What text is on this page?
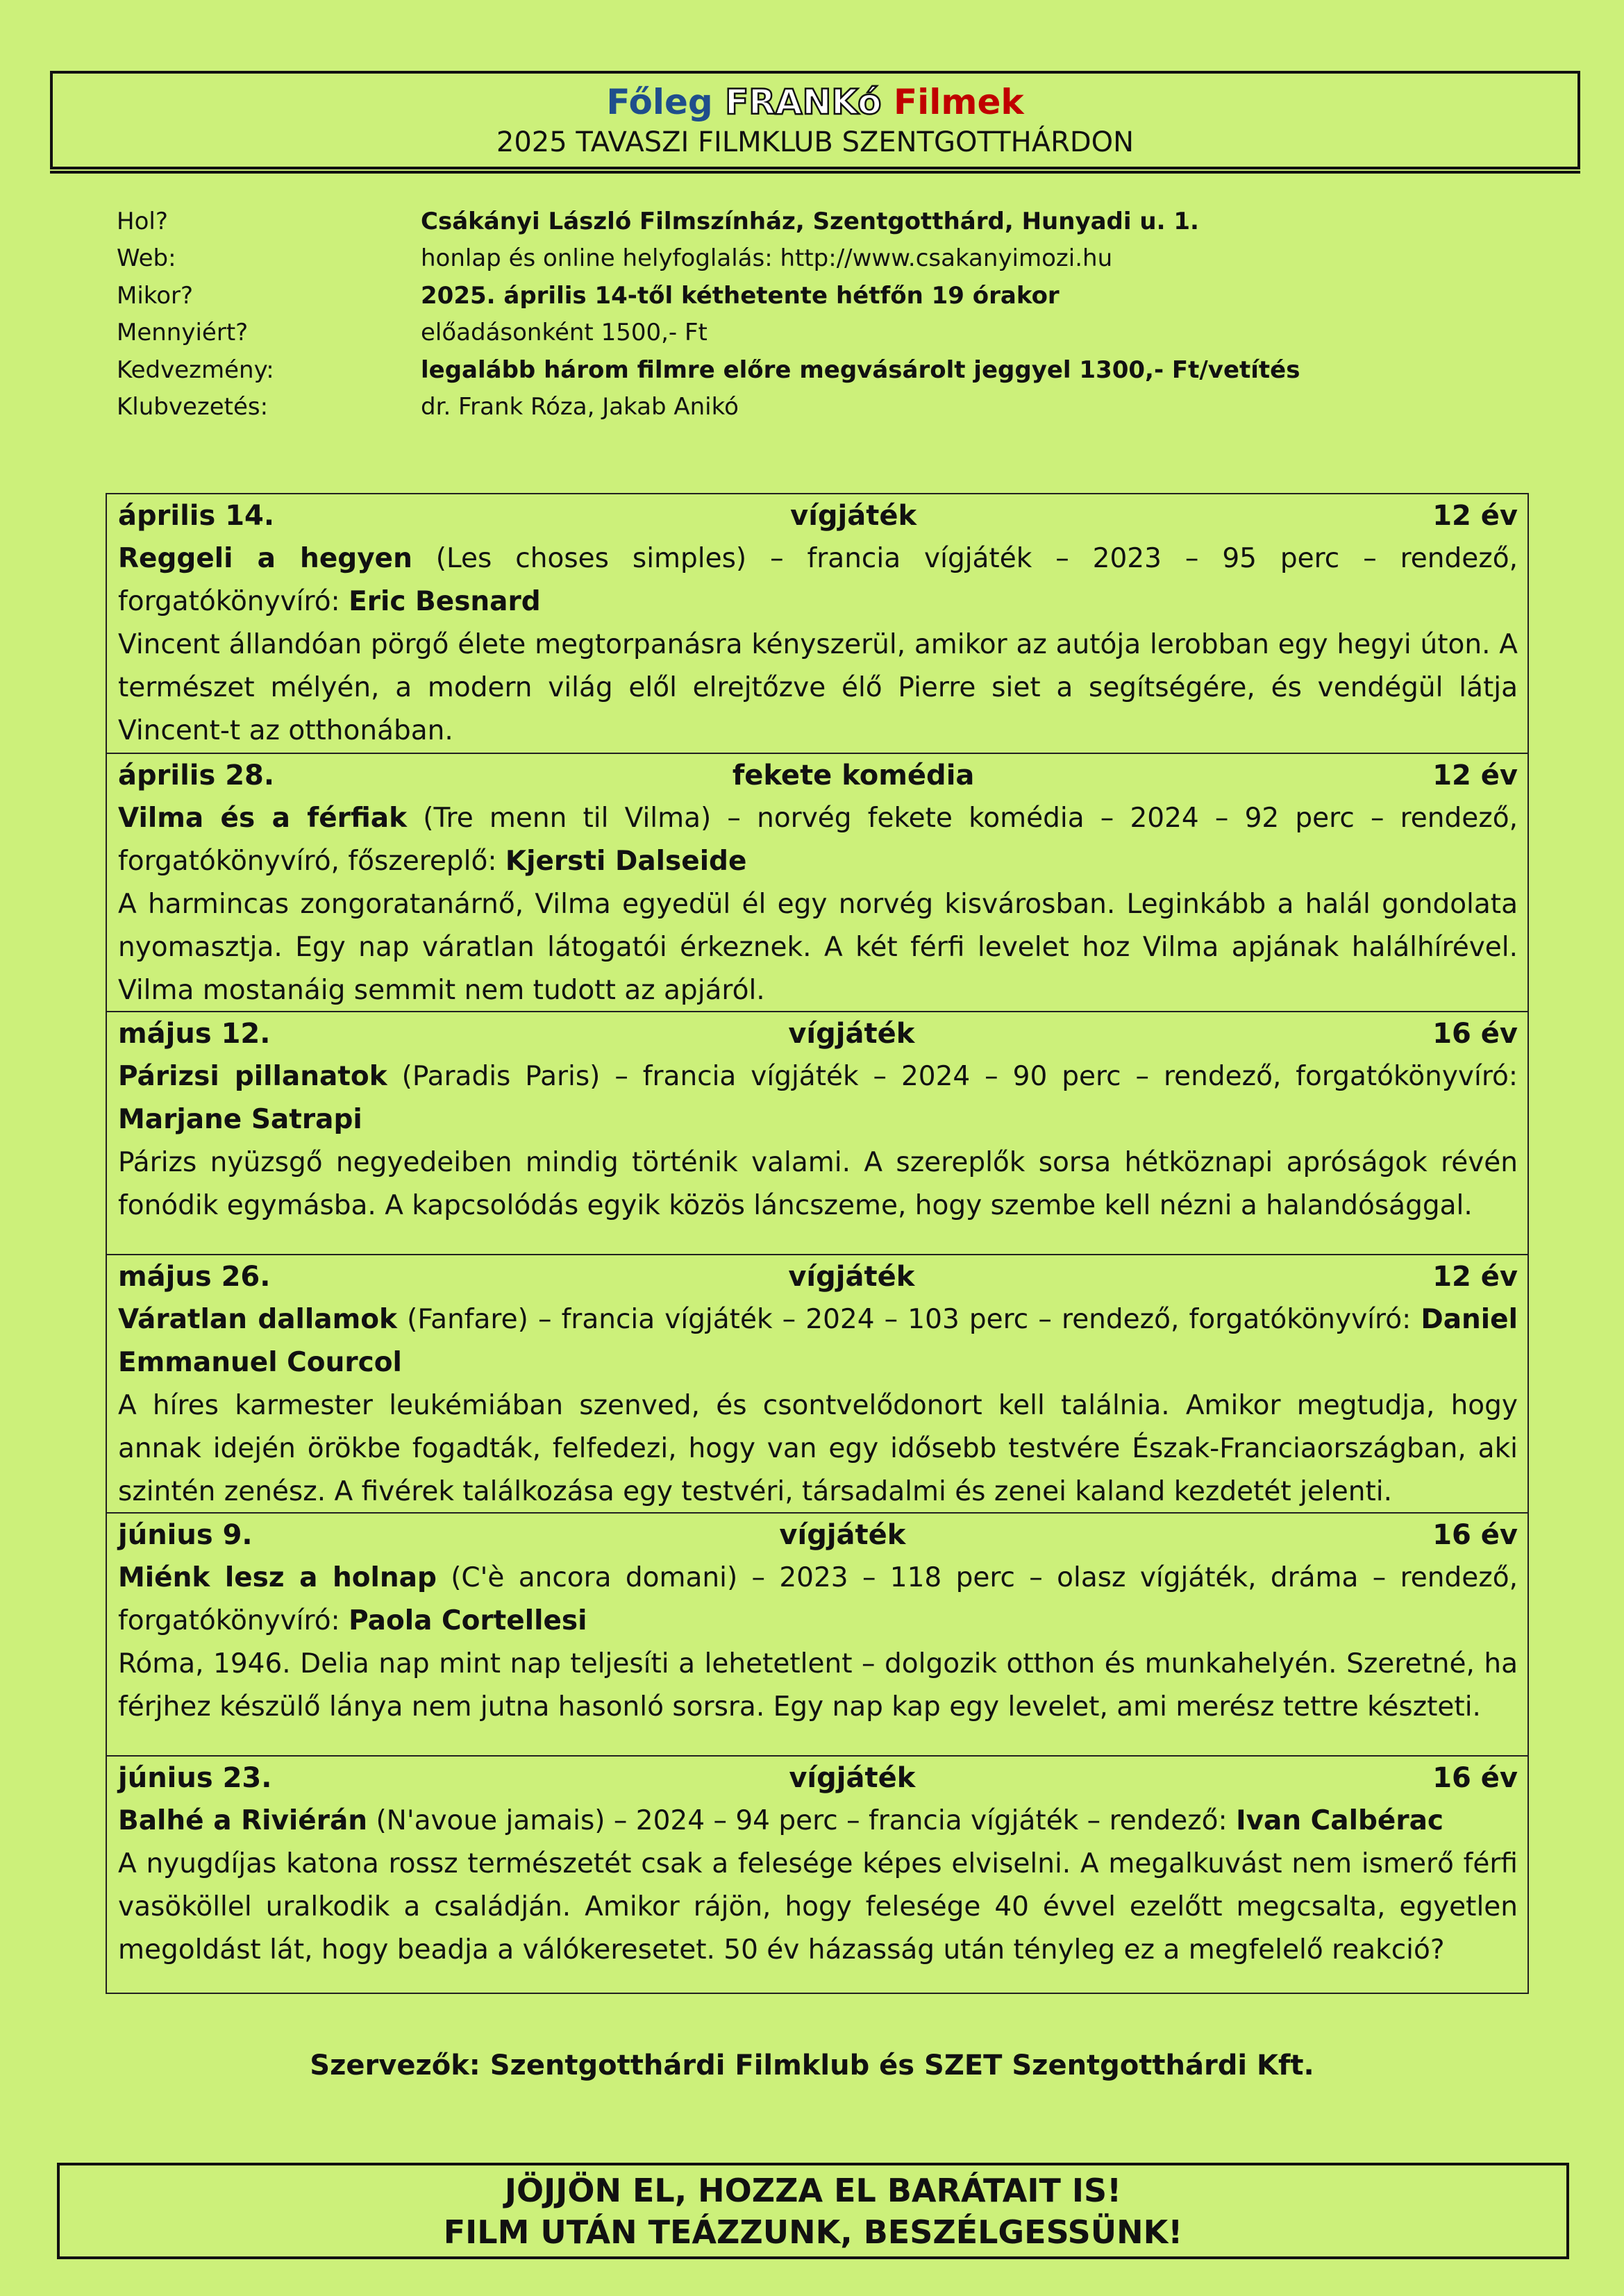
Főleg FRANKó Filmek
2025 TAVASZI FILMKLUB SZENTGOTTHÁRDON
Hol?	Csákányi László Filmszínház, Szentgotthárd, Hunyadi u. 1.
Web:	honlap és online helyfoglalás: http://www.csakanyimozi.hu
Mikor?	2025. április 14-től kéthetente hétfőn 19 órakor
Mennyiért?	előadásonként 1500,- Ft
Kedvezmény:	legalább három filmre előre megvásárolt jeggyel 1300,- Ft/vetítés
Klubvezetés:	dr. Frank Róza, Jakab Anikó
április 14.	vígjáték	12 év
Reggeli a hegyen (Les choses simples) – francia vígjáték – 2023 – 95 perc – rendező, forgatókönyvíró: Eric Besnard
Vincent állandóan pörgő élete megtorpanásra kényszerül, amikor az autója lerobban egy hegyi úton. A természet mélyén, a modern világ elől elrejtőzve élő Pierre siet a segítségére, és vendégül látja Vincent-t az otthonában.
április 28.	fekete komédia	12 év
Vilma és a férfiak (Tre menn til Vilma) – norvég fekete komédia – 2024 – 92 perc – rendező, forgatókönyvíró, főszereplő: Kjersti Dalseide
A harmincas zongoratanárnő, Vilma egyedül él egy norvég kisvárosban. Leginkább a halál gondolata nyomasztja. Egy nap váratlan látogatói érkeznek. A két férfi levelet hoz Vilma apjának halálhírével. Vilma mostanáig semmit nem tudott az apjáról.
május 12.	vígjáték	16 év
Párizsi pillanatok (Paradis Paris) – francia vígjáték – 2024 – 90 perc – rendező, forgatókönyvíró: Marjane Satrapi
Párizs nyüzsgő negyedeiben mindig történik valami. A szereplők sorsa hétköznapi apróságok révén fonódik egymásba. A kapcsolódás egyik közös láncszeme, hogy szembe kell nézni a halandósággal.
május 26.	vígjáték	12 év
Váratlan dallamok (Fanfare) – francia vígjáték – 2024 – 103 perc – rendező, forgatókönyvíró: Daniel Emmanuel Courcol
A híres karmester leukémiában szenved, és csontvelődonort kell találnia. Amikor megtudja, hogy annak idején örökbe fogadták, felfedezi, hogy van egy idősebb testvére Észak-Franciaországban, aki szintén zenész. A fivérek találkozása egy testvéri, társadalmi és zenei kaland kezdetét jelenti.
június 9.	vígjáték	16 év
Miénk lesz a holnap (C'è ancora domani) – 2023 – 118 perc – olasz vígjáték, dráma – rendező, forgatókönyvíró: Paola Cortellesi
Róma, 1946. Delia nap mint nap teljesíti a lehetetlent – dolgozik otthon és munkahelyén. Szeretné, ha férjhez készülő lánya nem jutna hasonló sorsra. Egy nap kap egy levelet, ami merész tettre készteti.
június 23.	vígjáték	16 év
Balhé a Riviérán (N'avoue jamais) – 2024 – 94 perc – francia vígjáték – rendező: Ivan Calbérac
A nyugdíjas katona rossz természetét csak a felesége képes elviselni. A megalkuvást nem ismerő férfi vasököllel uralkodik a családján. Amikor rájön, hogy felesége 40 évvel ezelőtt megcsalta, egyetlen megoldást lát, hogy beadja a válókeresetet. 50 év házasság után tényleg ez a megfelelő reakció?
Szervezők: Szentgotthárdi Filmklub és SZET Szentgotthárdi Kft.
JÖJJÖN EL, HOZZA EL BARÁTAIT IS!
FILM UTÁN TEÁZZUNK, BESZÉLGESSÜNK!
